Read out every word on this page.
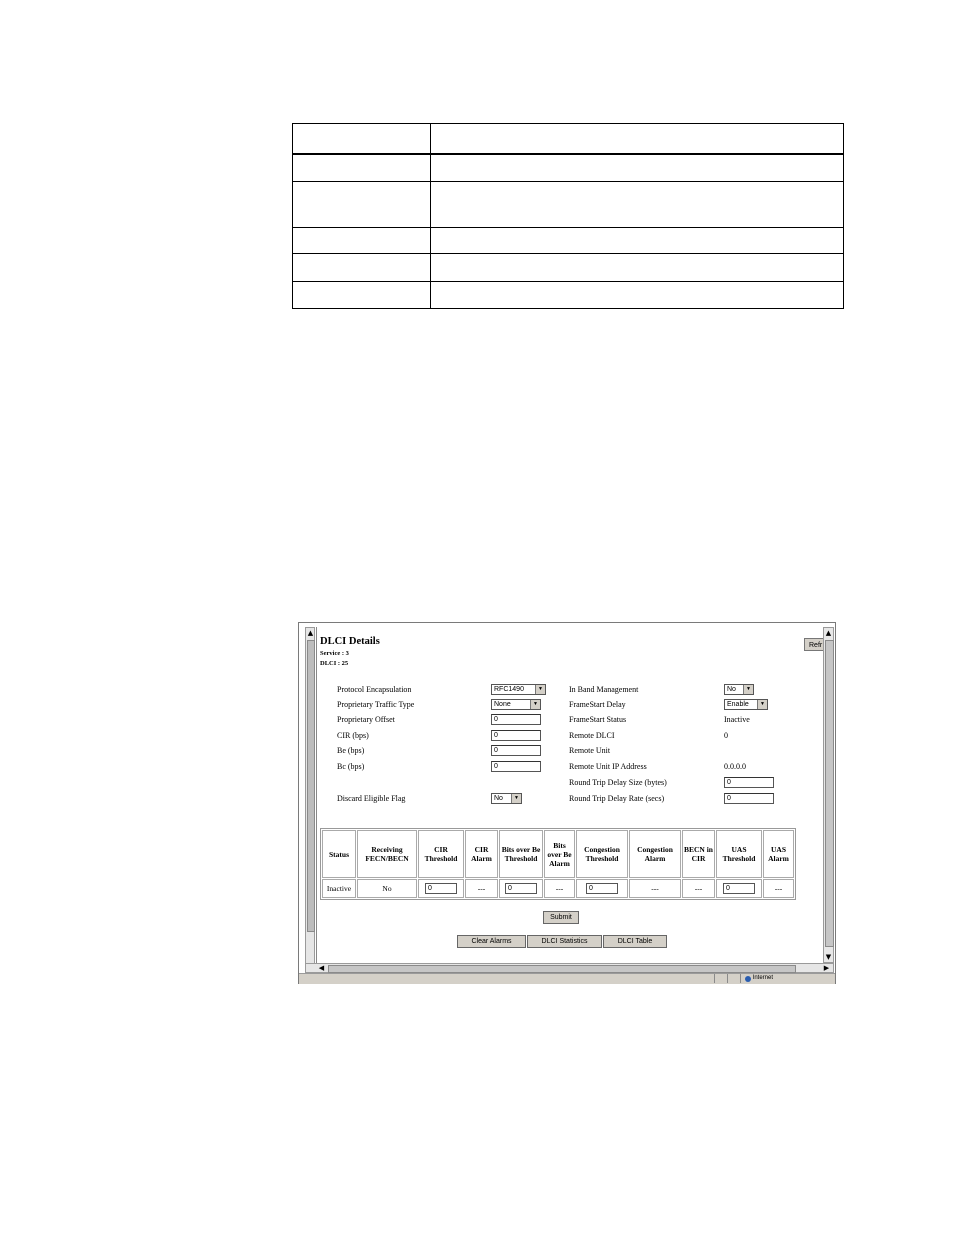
▲
DLCI Details
Service : 3
DLCI : 25
Refr
Protocol Encapsulation	RFC1490	▼
Proprietary Traffic Type	None	▼
Proprietary Offset	0
CIR (bps)	0
Be (bps)	0
Bc (bps)	0
Discard Eligible Flag	No	▼
In Band Management	No	▼
FrameStart Delay	Enable	▼
FrameStart Status	Inactive
Remote DLCI	0
Remote Unit
Remote Unit IP Address	0.0.0.0
Round Trip Delay Size (bytes)	0
Round Trip Delay Rate (secs)	0
Status	Receiving FECN/BECN	CIR Threshold	CIR Alarm	Bits over Be Threshold	Bits over Be Alarm	Congestion Threshold	Congestion Alarm	BECN in CIR	UAS Threshold	UAS Alarm
Inactive	No	0	---	0	---	0	---	---	0	---
Submit
Clear Alarms	DLCI Statistics	DLCI Table
▲
▼
◀	▶
Internet
